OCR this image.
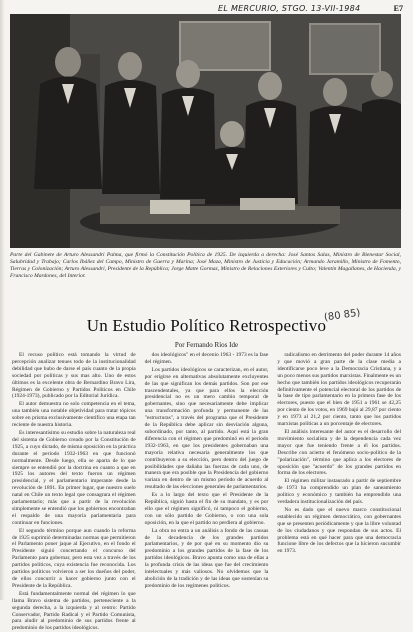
EL MERCURIO, STGO. 13-VII-1984	E7
Parte del Gabinete de Arturo Alessandri Palma, que firmó la Constitución Política de 1925. De izquierda a derecha: José Santos Salas, Ministro de Bienestar Social, Salubridad y Trabajo; Carlos Ibáñez del Campo, Ministro de Guerra y Marina; José Maza, Ministro de Justicia y Educación; Armando Jaramillo, Ministro de Fomento, Tierras y Colonización; Arturo Alessandri, Presidente de la República; Jorge Matte Gormaz, Ministro de Relaciones Exteriores y Culto; Valentín Magallanes, de Hacienda, y Francisco Mardones, del Interior.
Un Estudio Político Retrospectivo
(80 85)
Por Fernando Ríos Ide

El recuso político está tomando la virtud de percepción analizar tenues todo de la institucionalidad debilidad que hubo de darse el país cuanto de la propia sociedad por políticas y sus mas alto. Uno de estos últimos es la excelente obra de Bernardino Bravo Lira, Régimen de Gobierno y Partidos Políticos en Chile (1924-1973), publicado por la Editorial Jurídica.

El autor demuestra no solo competencia en el tema, una también una notable objetividad para tratar tópicos sobre en prisma exclusivamente científico una etapa tan reciente de nuestra historia.

Es interesantísimo su estudio sobre la naturaleza real del sistema de Gobierno creado por la Constitución de 1925, a cuyo dictado, de misma oposición en la práctica durante el periodo 1932-1963 en que funcionó normalmente. Desde luego, ella se aparta de lo que siempre se entendió por la doctrina en cuanto a que en 1925 los autores del texto fueron un régimen presidencial, y el parlamentario imperante desde la revolución de 1891. En primer lugar, que nuestro suelo natal en Chile un texto legal que consagrara el régimen parlamentario; más que a partir de la revolución simplemente se entendió que los gobiernos encontraban el respaldo de una mayoría parlamentaria para continuar en funciones.

El segundo término porque aun cuando la reforma de 1925 suprimió determinadas normas que permitieron el Parlamento poner jaque al Ejecutivo, en el fondo el Presidente siguió concertando el concurso del Parlamento para gobernar, pero esta vez a través de los partidos políticos, cuya existencia fue reconocida. Los partidos políticos volvieron a ser los dueños del poder, de ellos concurrir a hacer gobierno junto con el Presidente de la República.

Está fundamentalmente normal del régimen lo que llama Bravo sistema de partidos, perteneciente a la segunda derecha, a la izquierda y al centro: Partido Conservador, Partido Radical y el Partido Comunista, para aludir al predominio de sus partidos frente al predominio de los partidos ideológicos.

dos ideológicos" en el decenio 1963 - 1973 es la fase del régimen.

Los partidos ideológicos se caracterizan, en el autor, por erigirse en alternativas absolutamente excluyentes de las que significan los demás partidos. Son por ese trascendentales, ya que para ellos la elección presidencial no es un mero cambio temporal de gobernantes, sino que necesariamente debe implicar una transformación profunda y permanente de las "estructuras", a través del programa que el Presidente de la República debe aplicar sin desviación alguna, subordinado, por tanto, al partido. Aquí está la gran diferencia con el régimen que predominó en el período 1932-1963, en que los presidentes gobernaban una mayoría relativa necesaria generalmente los que contribuyeron a su elección, pero dentro del juego de posibilidades que dañaba las fuerzas de cada uno, de manera que era posible que la Presidencia del gobierno variara en dentro de un mismo período de acuerdo al resultado de las elecciones generales de parlamentarios.

Es a lo largo del texto que el Presidente de la República, siguió hasta el fin de su mandato, y es por ello que el régimen significó, ni tampoco el gobierno, con un sólo partido de Gobierno, o con una sola oposición, en la que el partido no perdiera al gobierno.

La obra no entra a un análisis a fondo de las causas de la decadencia de los grandes partidos parlamentarios, y de por qué en su momento dio su predominio a los grandes partidos de la fase de los partidos ideológicos. Bravo apunta como una de ellas a la profunda crisis de las ideas que fue del crecimiento intelectuales y más valiosos. No olvidemos que la abolición de la tradición y de las ideas que sostenían su predominio de los regímenes políticos.

radicalismo en detrimento del poder durante 14 años y que movió a gran parte de la clase media a identificarse poco leve a la Democracia Cristiana, y a un poco menos sus partidos marxistas. Finalmente es un hecho que también los partidos ideológicos recuperarán definitivamente el potencial electoral de los partidos de la base de tipo parlamentario en la primera fase de los electores, puesto que el bien de 1951 a 1961 se 42,25 por ciento de los votos, en 1969 bajó al 29,87 por ciento y en 1973 al 21,2 por ciento, tanto que los partidos marxistas políticas a un porcentaje de electores.

El análisis interesante del autor es el desarrollo del movimiento socialista y de la dependencia cada vez mayor que fue teniendo frente a él los partidos. Describe con acierto el fenómeno socio-político de la "polarización", término que aplica a los electores de oposición que "acuerdo" de los grandes partidos en forma de los electores.

El régimen militar instaurado a partir de septiembre de 1973 ha comprendido un plan de saneamiento político y económico y también ha emprendido una verdadera institucionalización del país.

No es dado que el nuevo marco constitucional establecido un régimen democrático, con gobernantes que se presenten periódicamente y que la libre voluntad de los ciudadanos y que respondan de sus actos. El problema está en qué hacer para que una democracia funcione libre de los defectos que la hicieron sucumbir en 1973.
